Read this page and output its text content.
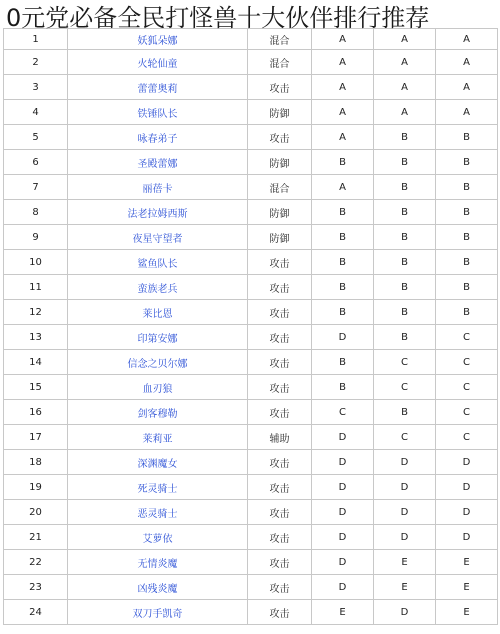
0元党必备全民打怪兽十大伙伴排行推荐
1	妖狐朵娜	混合	A	A	A
2	火轮仙童	混合	A	A	A
3	蕾蕾奥莉	攻击	A	A	A
4	铁锤队长	防御	A	A	A
5	咏春弟子	攻击	A	B	B
6	圣殿蕾娜	防御	B	B	B
7	丽蓓卡	混合	A	B	B
8	法老拉姆西斯	防御	B	B	B
9	夜星守望者	防御	B	B	B
10	鲨鱼队长	攻击	B	B	B
11	蛮族老兵	攻击	B	B	B
12	莱比恩	攻击	B	B	B
13	印第安娜	攻击	D	B	C
14	信念之贝尔娜	攻击	B	C	C
15	血刃狼	攻击	B	C	C
16	剑客穆勒	攻击	C	B	C
17	莱莉亚	辅助	D	C	C
18	深渊魔女	攻击	D	D	D
19	死灵骑士	攻击	D	D	D
20	恶灵骑士	攻击	D	D	D
21	艾萝依	攻击	D	D	D
22	无情炎魔	攻击	D	E	E
23	凶残炎魔	攻击	D	E	E
24	双刀手凯奇	攻击	E	D	E
